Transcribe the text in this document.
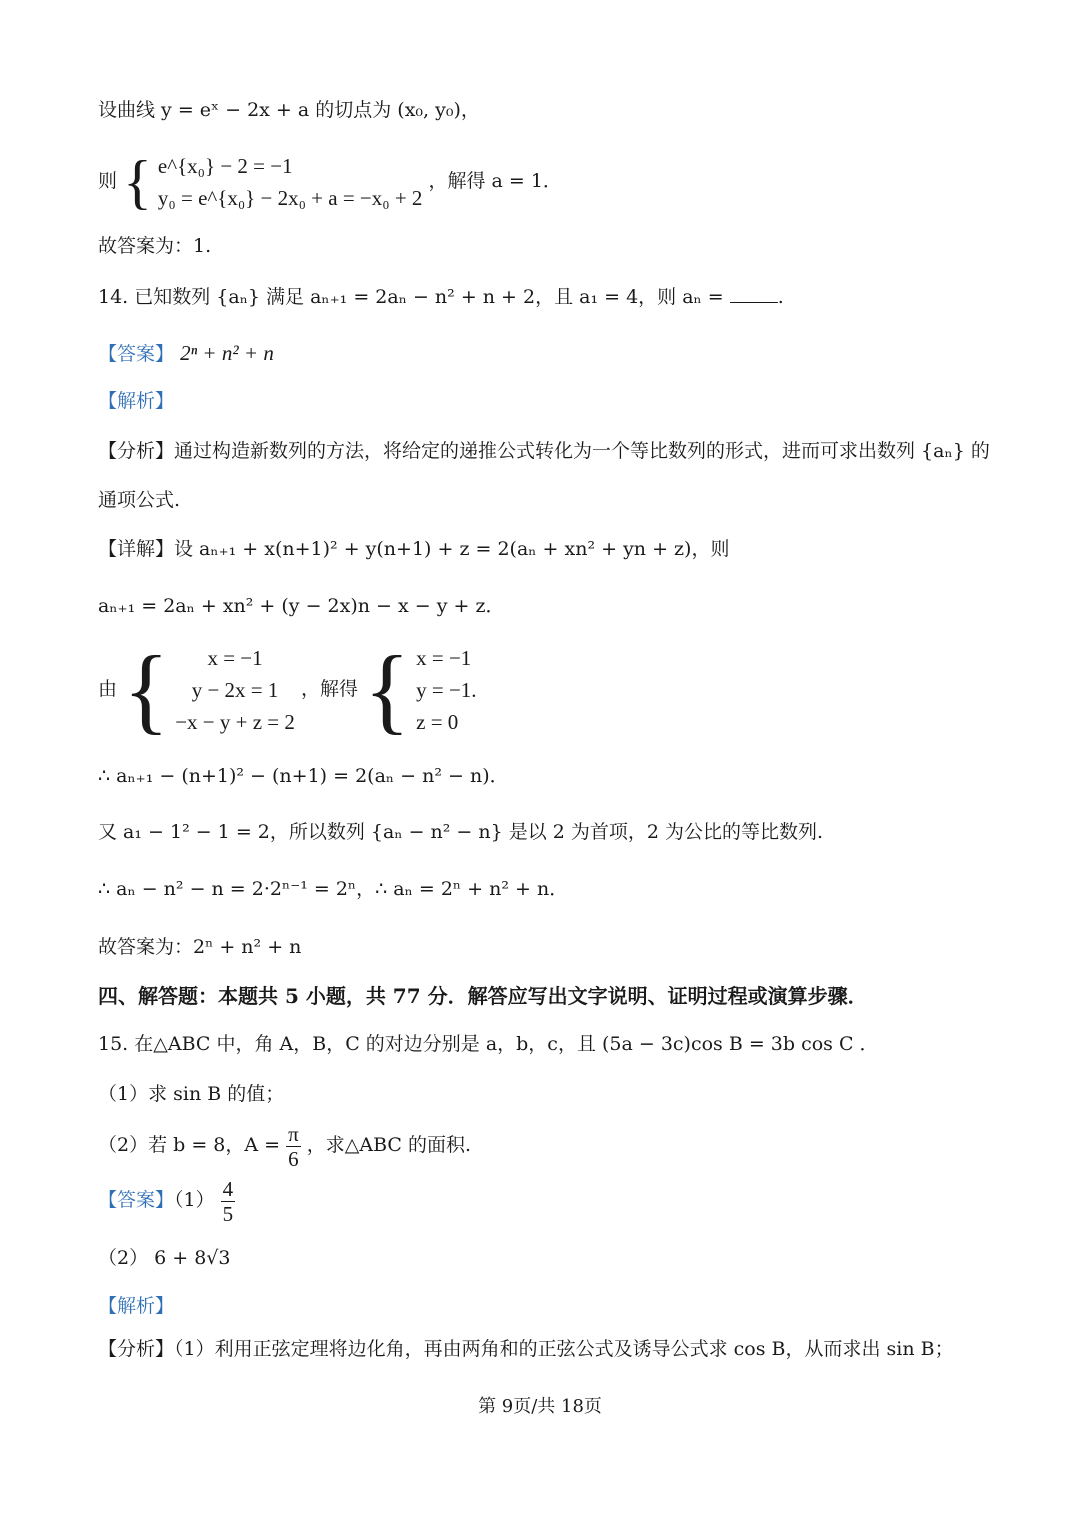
设曲线 y = eˣ − 2x + a 的切点为 (x₀, y₀)，
则 { e^{x₀} − 2 = −1
y₀ = e^{x₀} − 2x₀ + a = −x₀ + 2
，解得 a = 1．
故答案为：1.
14. 已知数列 {aₙ} 满足 aₙ₊₁ = 2aₙ − n² + n + 2，且 a₁ = 4，则 aₙ =	.
【答案】 2ⁿ + n² + n
【解析】
【分析】通过构造新数列的方法，将给定的递推公式转化为一个等比数列的形式，进而可求出数列 {aₙ} 的
通项公式.
【详解】设 aₙ₊₁ + x(n+1)² + y(n+1) + z = 2(aₙ + xn² + yn + z)，则
aₙ₊₁ = 2aₙ + xn² + (y − 2x)n − x − y + z．
由 {	x = −1
y − 2x = 1
−x − y + z = 2
，解得 { x = −1
y = −1.
z = 0
∴ aₙ₊₁ − (n+1)² − (n+1) = 2(aₙ − n² − n)．
又 a₁ − 1² − 1 = 2，所以数列 {aₙ − n² − n} 是以 2 为首项，2 为公比的等比数列.
∴ aₙ − n² − n = 2·2ⁿ⁻¹ = 2ⁿ，∴ aₙ = 2ⁿ + n² + n．
故答案为：2ⁿ + n² + n
四、解答题：本题共 5 小题，共 77 分．解答应写出文字说明、证明过程或演算步骤．
15. 在△ABC 中，角 A，B，C 的对边分别是 a，b，c，且 (5a − 3c)cos B = 3b cos C ．
（1）求 sin B 的值；
（2）若 b = 8，$A = \frac{\pi}{6}$ ，求△ABC 的面积.
【答案】$(1) \frac{4}{5}$
（2） 6 + 8√3
【解析】
【分析】（1）利用正弦定理将边化角，再由两角和的正弦公式及诱导公式求 cos B，从而求出 sin B；
第 9页/共 18页
